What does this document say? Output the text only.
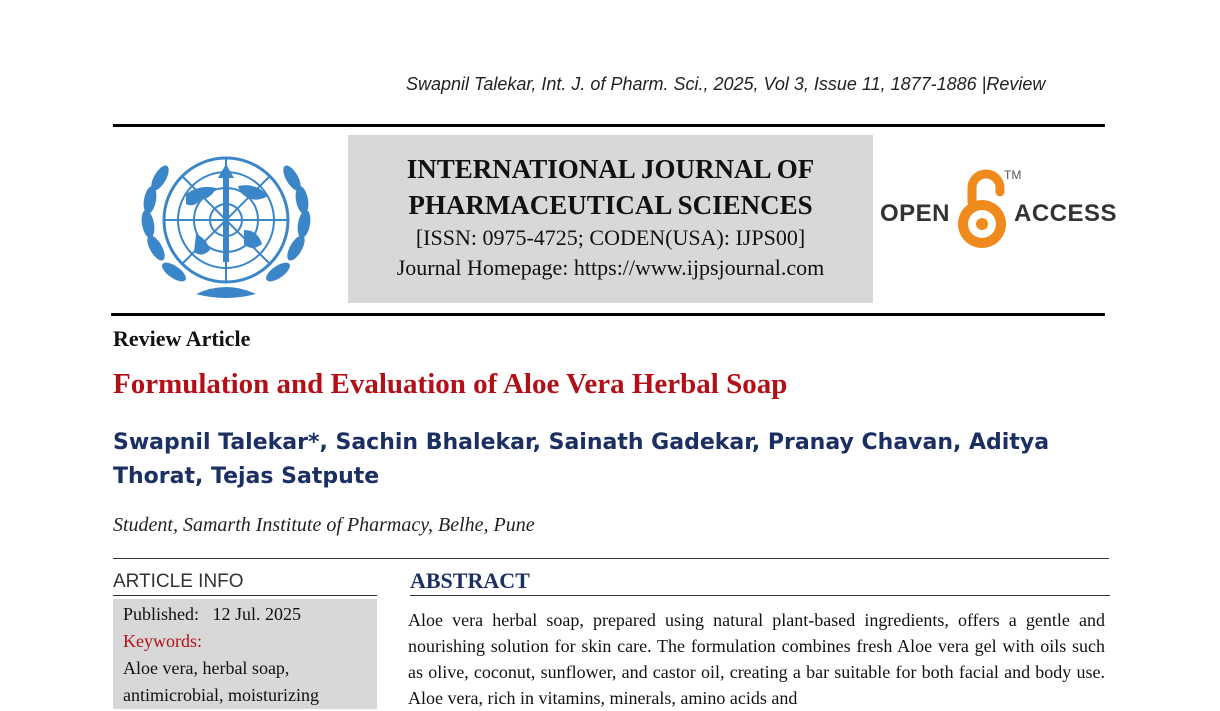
Swapnil Talekar, Int. J. of Pharm. Sci., 2025, Vol 3, Issue 11, 1877-1886 |Review
INTERNATIONAL JOURNAL OF
PHARMACEUTICAL SCIENCES
[ISSN: 0975-4725; CODEN(USA): IJPS00]
Journal Homepage: https://www.ijpsjournal.com
OPEN	ACCESS
TM
Review Article
Formulation and Evaluation of Aloe Vera Herbal Soap
Swapnil Talekar*, Sachin Bhalekar, Sainath Gadekar, Pranay Chavan, Aditya Thorat, Tejas Satpute
Student, Samarth Institute of Pharmacy, Belhe, Pune
ARTICLE INFO
Published: 12 Jul. 2025
Keywords:
Aloe vera, herbal soap, antimicrobial, moisturizing
ABSTRACT
Aloe vera herbal soap, prepared using natural plant-based ingredients, offers a gentle and nourishing solution for skin care. The formulation combines fresh Aloe vera gel with oils such as olive, coconut, sunflower, and castor oil, creating a bar suitable for both facial and body use. Aloe vera, rich in vitamins, minerals, amino acids and
